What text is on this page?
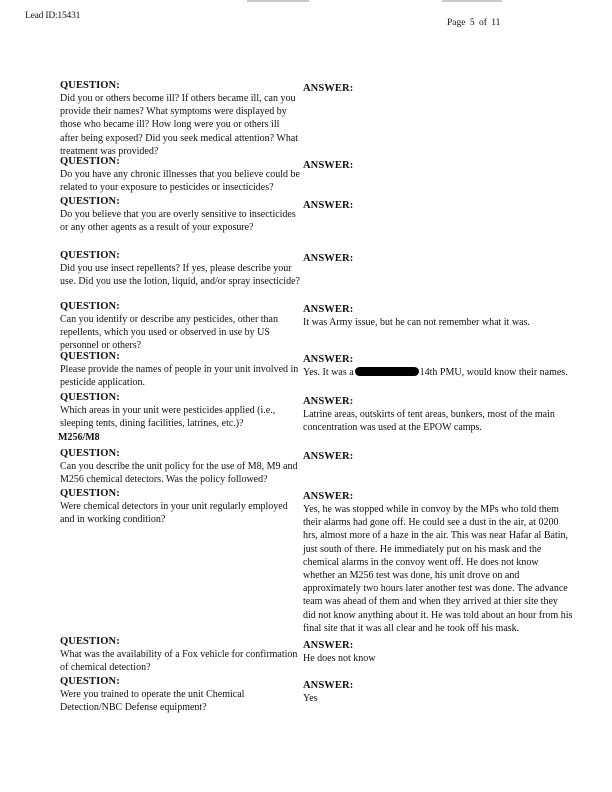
Lead ID:15431
Page 5 of 11
QUESTION:
Did you or others become ill? If others became ill, can you provide their names? What symptoms were displayed by those who became ill? How long were you or others ill after being exposed? Did you seek medical attention? What treatment was provided?
ANSWER:
QUESTION:
Do you have any chronic illnesses that you believe could be related to your exposure to pesticides or insecticides?
ANSWER:
QUESTION:
Do you believe that you are overly sensitive to insecticides or any other agents as a result of your exposure?
ANSWER:
QUESTION:
Did you use insect repellents? If yes, please describe your use. Did you use the lotion, liquid, and/or spray insecticide?
ANSWER:
QUESTION:
Can you identify or describe any pesticides, other than repellents, which you used or observed in use by US personnel or others?
ANSWER:
It was Army issue, but he can not remember what it was.
QUESTION:
Please provide the names of people in your unit involved in pesticide application.
ANSWER:
Yes. It was a	14th PMU, would know their names.
QUESTION:
Which areas in your unit were pesticides applied (i.e., sleeping tents, dining facilities, latrines, etc.)?
ANSWER:
Latrine areas, outskirts of tent areas, bunkers, most of the main concentration was used at the EPOW camps.
M256/M8
QUESTION:
Can you describe the unit policy for the use of M8, M9 and M256 chemical detectors. Was the policy followed?
ANSWER:
QUESTION:
Were chemical detectors in your unit regularly employed and in working condition?
ANSWER:
Yes, he was stopped while in convoy by the MPs who told them their alarms had gone off. He could see a dust in the air, at 0200 hrs, almost more of a haze in the air. This was near Hafar al Batin, just south of there. He immediately put on his mask and the chemical alarms in the convoy went off. He does not know whether an M256 test was done, his unit drove on and approximately two hours later another test was done. The advance team was ahead of them and when they arrived at thier site they did not know anything about it. He was told about an hour from his final site that it was all clear and he took off his mask.
QUESTION:
What was the availability of a Fox vehicle for confirmation of chemical detection?
ANSWER:
He does not know
QUESTION:
Were you trained to operate the unit Chemical Detection/NBC Defense equipment?
ANSWER:
Yes
